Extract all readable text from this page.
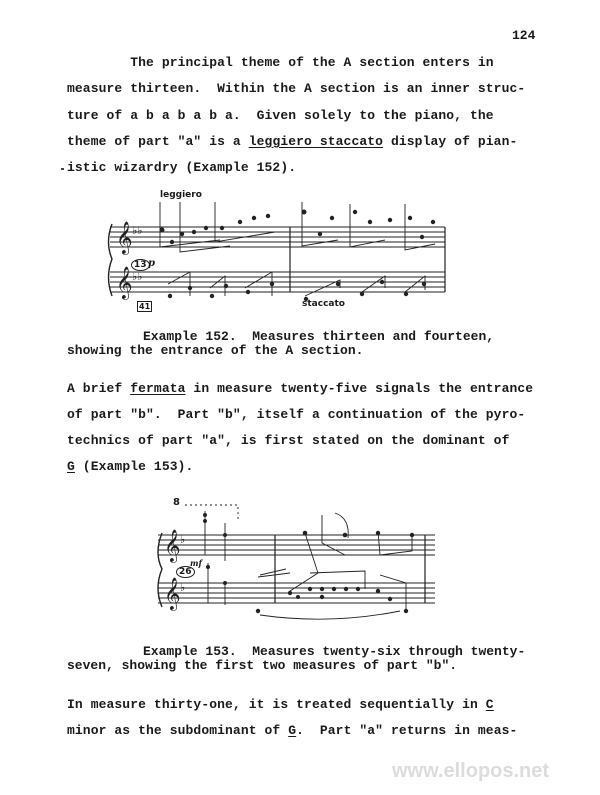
124
The principal theme of the A section enters in
measure thirteen.  Within the A section is an inner struc-
ture of a b a b a b a.  Given solely to the piano, the
theme of part "a" is a leggiero staccato display of pian-
istic wizardry (Example 152).
𝄞
𝄞
♭♭
♭♭
leggiero
13 p
staccato
41
Example 152.  Measures thirteen and fourteen,
showing the entrance of the A section.
A brief fermata in measure twenty-five signals the entrance
of part "b".  Part "b", itself a continuation of the pyro-
technics of part "a", is first stated on the dominant of
G (Example 153).
𝄞
𝄞
♭
♭
8
mf
26
Example 153.  Measures twenty-six through twenty-
seven, showing the first two measures of part "b".
In measure thirty-one, it is treated sequentially in C
minor as the subdominant of G.  Part "a" returns in meas-
www.ellopos.net
